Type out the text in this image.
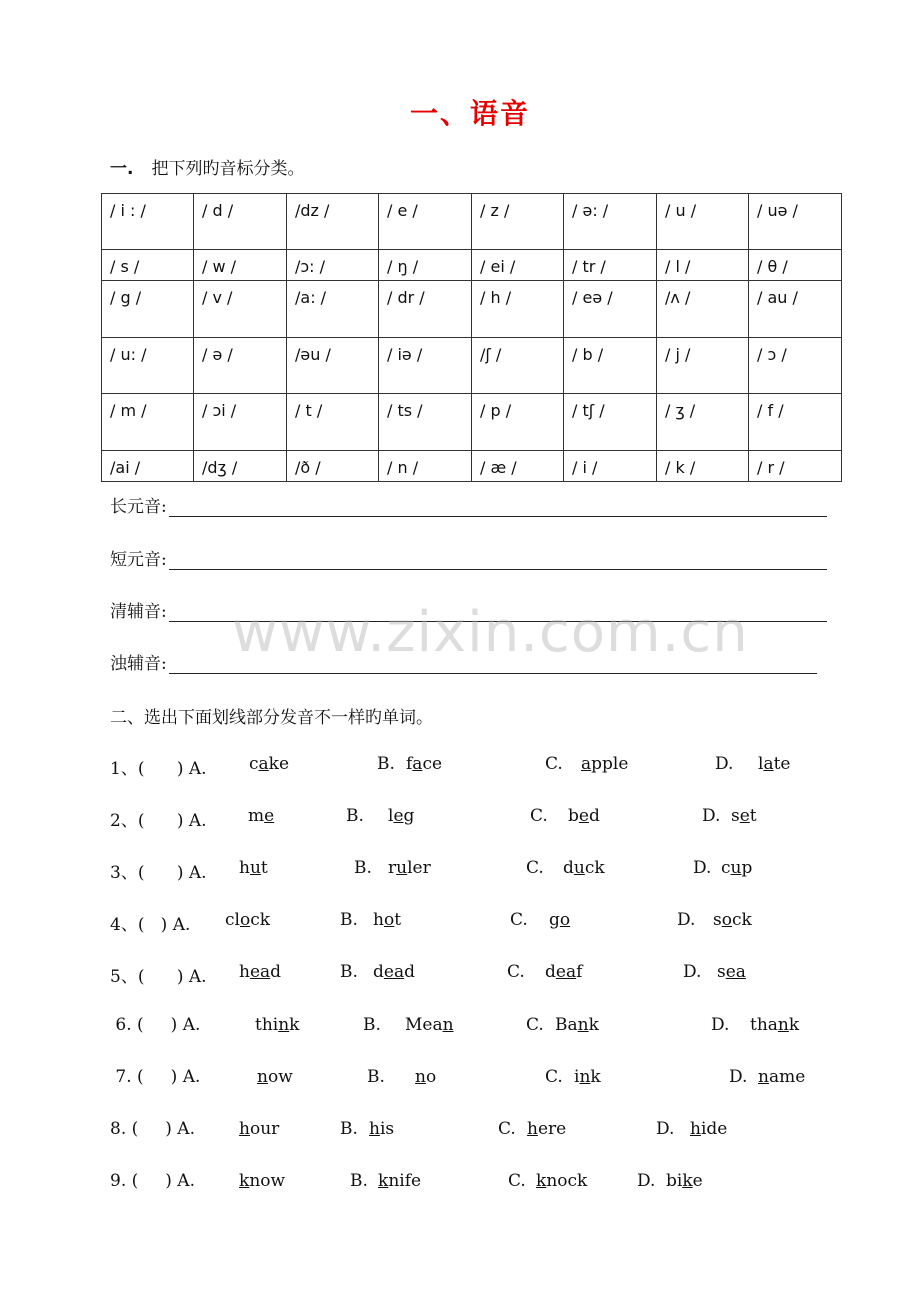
一、语音
一. 把下列旳音标分类。
/ i : /	/ d /	/dz /	/ e /	/ z /	/ ə: /	/ u /	/ uə /
/ s /	/ w /	/ɔ: /	/ ŋ /	/ ei /	/ tr /	/ l /	/ θ /
/ g /	/ v /	/a: /	/ dr /	/ h /	/ eə /	/ʌ /	/ au /
/ u: /	/ ə /	/əu /	/ iə /	/ʃ /	/ b /	/ j /	/ ɔ /
/ m /	/ ɔi /	/ t /	/ ts /	/ p /	/ tʃ /	/ ʒ /	/ f /
/ai /	/dʒ /	/ð /	/ n /	/ æ /	/ i /	/ k /	/ r /
长元音:
短元音:
清辅音:
浊辅音: www.zixin.com.cn
二、选出下面划线部分发音不一样旳单词。
1、(      ) A. cake	B. face	C. apple	D. late
2、(      ) A. me	B. leg	C. bed	D. set
3、(      ) A. hut	B. ruler	C. duck	D. cup
4、(   ) A. clock	B. hot	C. go	D. sock
5、(      ) A. head	B. dead	C. deaf	D. sea
6. (     ) A.	think	B. Mean	C. Bank	D. thank
7. (     ) A.	now	B. no	C. ink	D. name
8. (     ) A.	hour	B. his	C. here	D. hide
9. (     ) A.	know	B. knife	C. knock	D. bike
